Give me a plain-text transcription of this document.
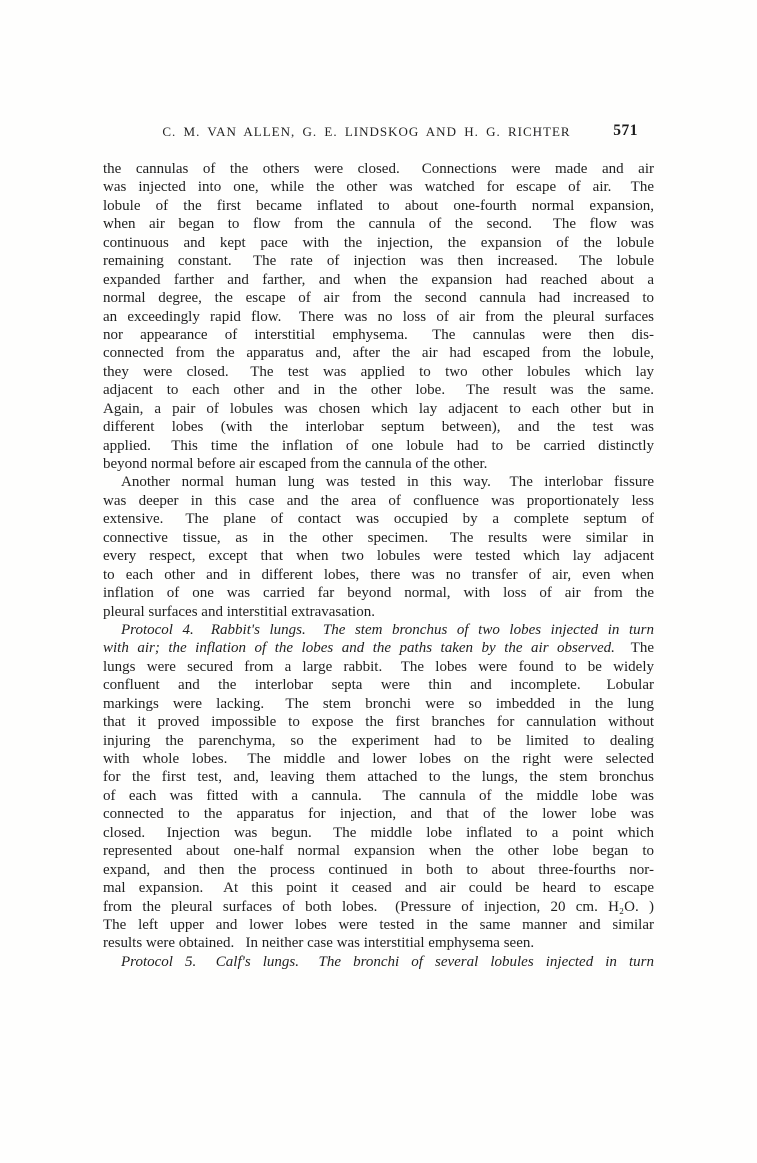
C. M. VAN ALLEN, G. E. LINDSKOG AND H. G. RICHTER	571
the cannulas of the others were closed.  Connections were made and air
was injected into one, while the other was watched for escape of air.  The
lobule of the first became inflated to about one-fourth normal expansion,
when air began to flow from the cannula of the second.  The flow was
continuous and kept pace with the injection, the expansion of the lobule
remaining constant.  The rate of injection was then increased.  The lobule
expanded farther and farther, and when the expansion had reached about a
normal degree, the escape of air from the second cannula had increased to
an exceedingly rapid flow.  There was no loss of air from the pleural surfaces
nor appearance of interstitial emphysema.  The cannulas were then dis-
connected from the apparatus and, after the air had escaped from the lobule,
they were closed.  The test was applied to two other lobules which lay
adjacent to each other and in the other lobe.  The result was the same.
Again, a pair of lobules was chosen which lay adjacent to each other but in
different lobes (with the interlobar septum between), and the test was
applied.  This time the inflation of one lobule had to be carried distinctly
beyond normal before air escaped from the cannula of the other.
Another normal human lung was tested in this way.  The interlobar fissure
was deeper in this case and the area of confluence was proportionately less
extensive.  The plane of contact was occupied by a complete septum of
connective tissue, as in the other specimen.  The results were similar in
every respect, except that when two lobules were tested which lay adjacent
to each other and in different lobes, there was no transfer of air, even when
inflation of one was carried far beyond normal, with loss of air from the
pleural surfaces and interstitial extravasation.
Protocol 4.  Rabbit's lungs.  The stem bronchus of two lobes injected in turn
with air; the inflation of the lobes and the paths taken by the air observed.  The
lungs were secured from a large rabbit.  The lobes were found to be widely
confluent and the interlobar septa were thin and incomplete.  Lobular
markings were lacking.  The stem bronchi were so imbedded in the lung
that it proved impossible to expose the first branches for cannulation without
injuring the parenchyma, so the experiment had to be limited to dealing
with whole lobes.  The middle and lower lobes on the right were selected
for the first test, and, leaving them attached to the lungs, the stem bronchus
of each was fitted with a cannula.  The cannula of the middle lobe was
connected to the apparatus for injection, and that of the lower lobe was
closed.  Injection was begun.  The middle lobe inflated to a point which
represented about one-half normal expansion when the other lobe began to
expand, and then the process continued in both to about three-fourths nor-
mal expansion.  At this point it ceased and air could be heard to escape
from the pleural surfaces of both lobes.  (Pressure of injection, 20 cm. H₂O. )
The left upper and lower lobes were tested in the same manner and similar
results were obtained.  In neither case was interstitial emphysema seen.
Protocol 5.  Calf's lungs.  The bronchi of several lobules injected in turn
